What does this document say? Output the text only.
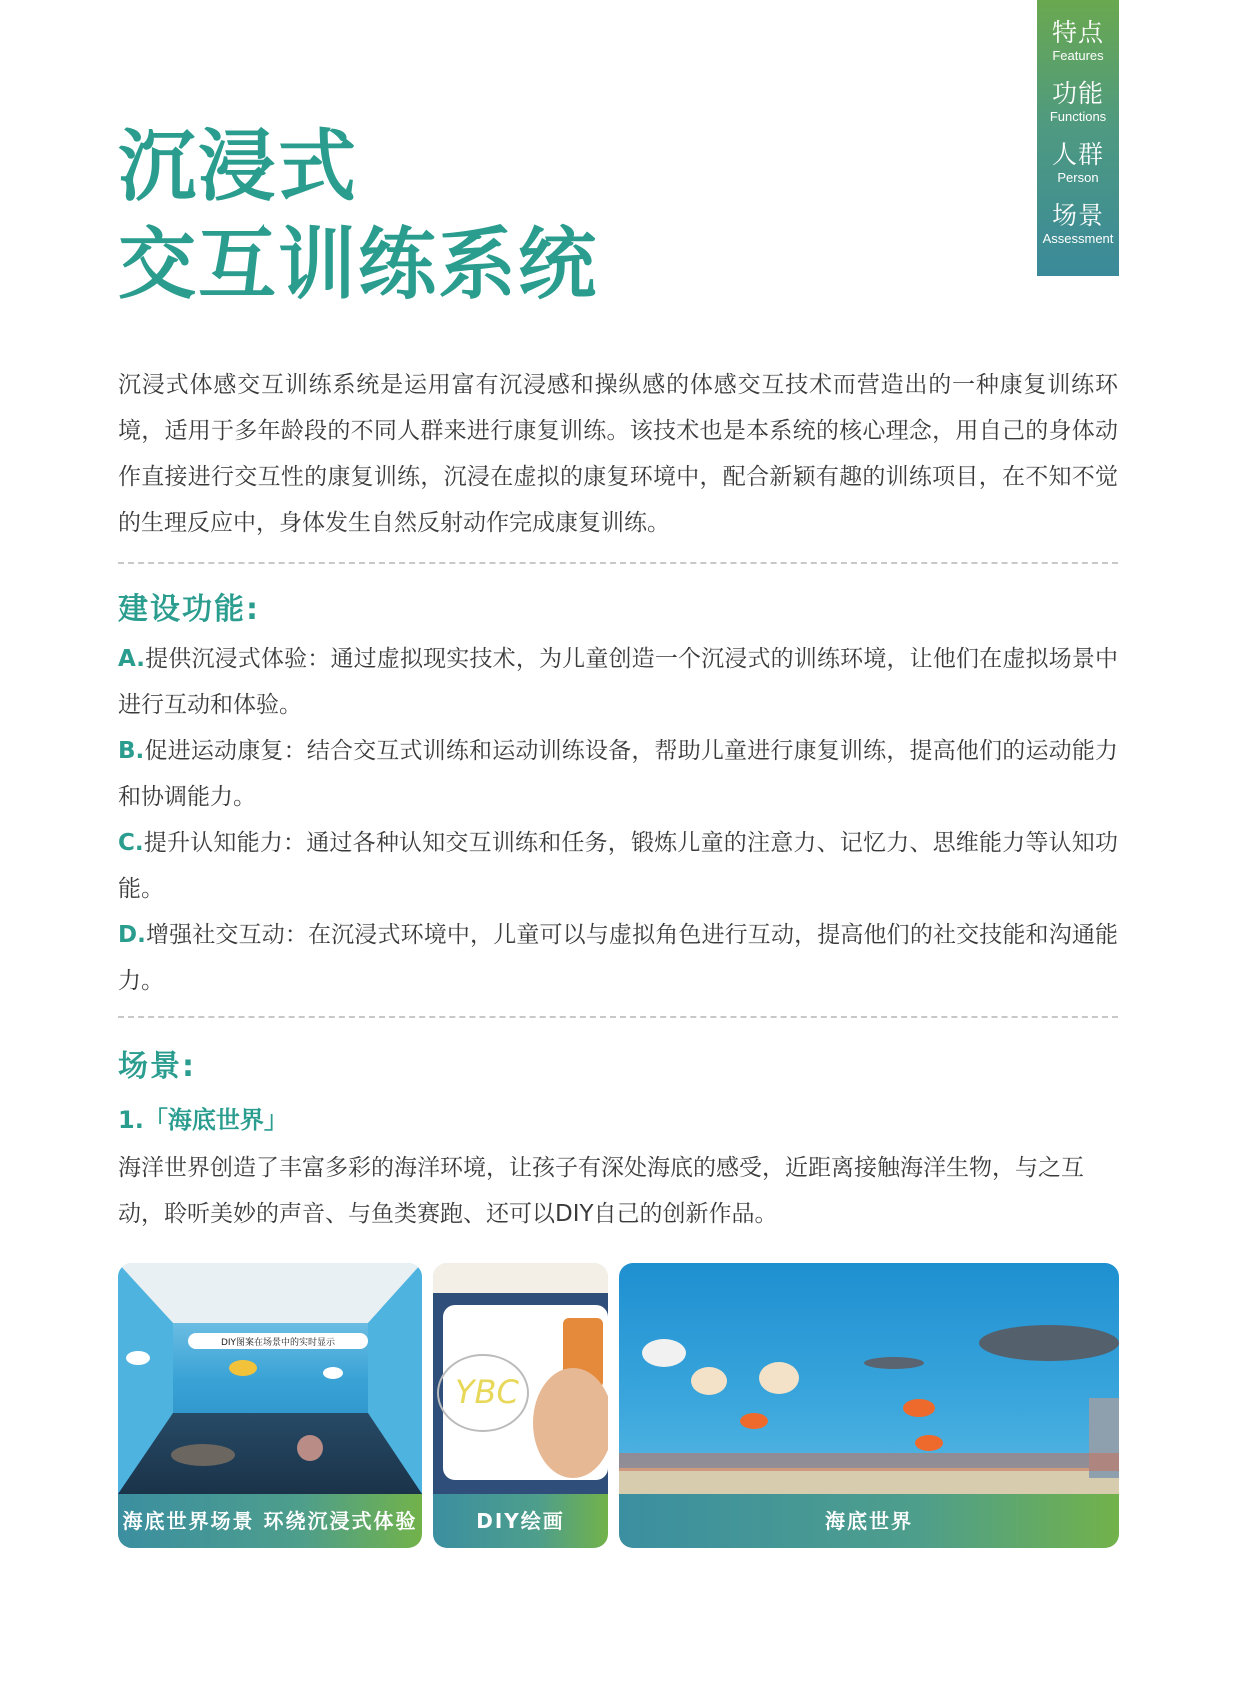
特点
Features
功能
Functions
人群
Person
场景
Assessment
沉浸式
交互训练系统

沉浸式体感交互训练系统是运用富有沉浸感和操纵感的体感交互技术而营造出的一种康复训练环境，适用于多年龄段的不同人群来进行康复训练。该技术也是本系统的核心理念，用自己的身体动作直接进行交互性的康复训练，沉浸在虚拟的康复环境中，配合新颖有趣的训练项目，在不知不觉的生理反应中，身体发生自然反射动作完成康复训练。

建设功能:
A.提供沉浸式体验：通过虚拟现实技术，为儿童创造一个沉浸式的训练环境，让他们在虚拟场景中进行互动和体验。
B.促进运动康复：结合交互式训练和运动训练设备，帮助儿童进行康复训练，提高他们的运动能力和协调能力。
C.提升认知能力：通过各种认知交互训练和任务，锻炼儿童的注意力、记忆力、思维能力等认知功能。
D.增强社交互动：在沉浸式环境中，儿童可以与虚拟角色进行互动，提高他们的社交技能和沟通能力。
场景:
1.「海底世界」

海洋世界创造了丰富多彩的海洋环境，让孩子有深处海底的感受，近距离接触海洋生物，与之互动，聆听美妙的声音、与鱼类赛跑、还可以DIY自己的创新作品。

DIY图案在场景中的实时显示
海底世界场景 环绕沉浸式体验
YBC
DIY绘画	海底世界
